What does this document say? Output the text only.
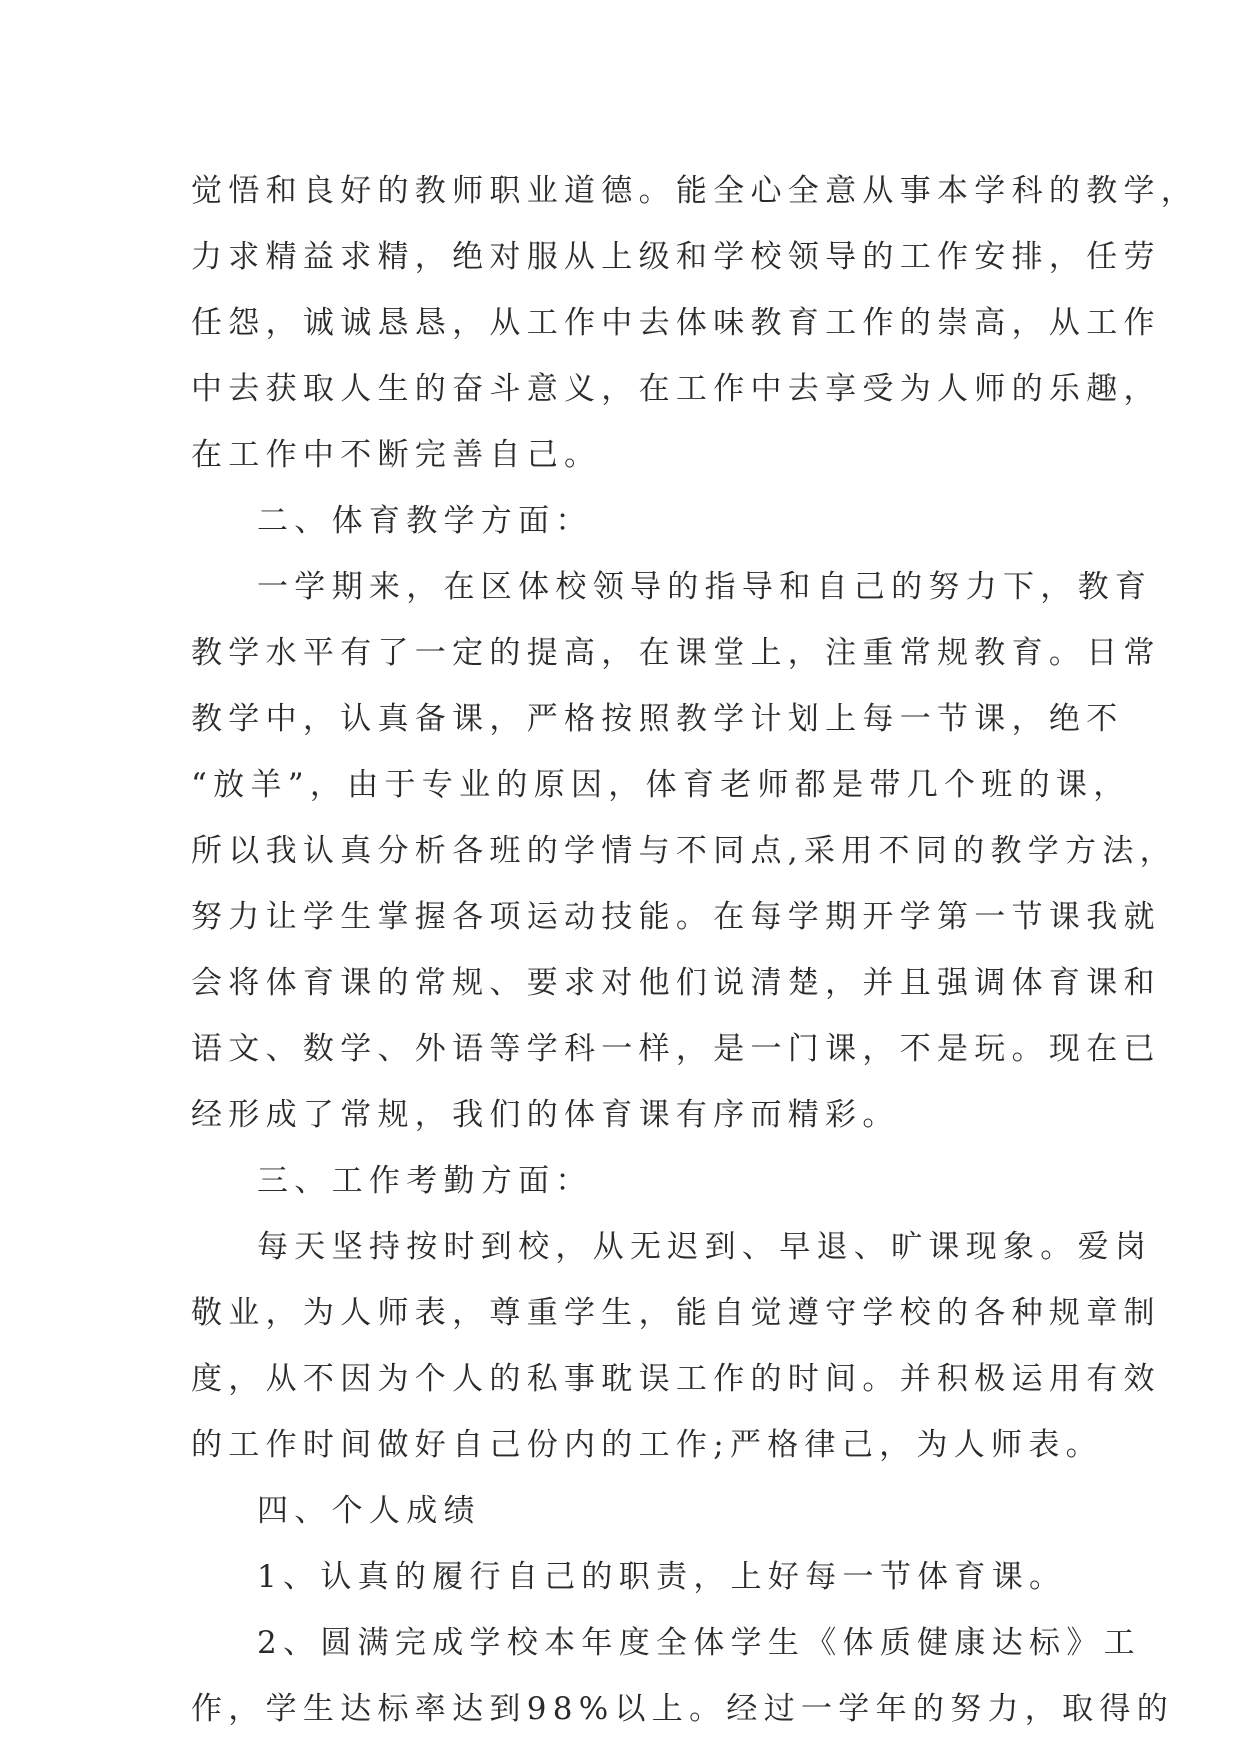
觉悟和良好的教师职业道德。能全心全意从事本学科的教学，
力求精益求精，绝对服从上级和学校领导的工作安排，任劳
任怨，诚诚恳恳，从工作中去体味教育工作的崇高，从工作
中去获取人生的奋斗意义，在工作中去享受为人师的乐趣，
在工作中不断完善自己。
二、体育教学方面：
一学期来，在区体校领导的指导和自己的努力下，教育
教学水平有了一定的提高，在课堂上，注重常规教育。日常
教学中，认真备课，严格按照教学计划上每一节课，绝不
“放羊”，由于专业的原因，体育老师都是带几个班的课，
所以我认真分析各班的学情与不同点,采用不同的教学方法，
努力让学生掌握各项运动技能。在每学期开学第一节课我就
会将体育课的常规、要求对他们说清楚，并且强调体育课和
语文、数学、外语等学科一样，是一门课，不是玩。现在已
经形成了常规，我们的体育课有序而精彩。
三、工作考勤方面：
每天坚持按时到校，从无迟到、早退、旷课现象。爱岗
敬业，为人师表，尊重学生，能自觉遵守学校的各种规章制
度，从不因为个人的私事耽误工作的时间。并积极运用有效
的工作时间做好自己份内的工作;严格律己，为人师表。
四、个人成绩
1、认真的履行自己的职责，上好每一节体育课。
2、圆满完成学校本年度全体学生《体质健康达标》工
作，学生达标率达到98%以上。经过一学年的努力，取得的
